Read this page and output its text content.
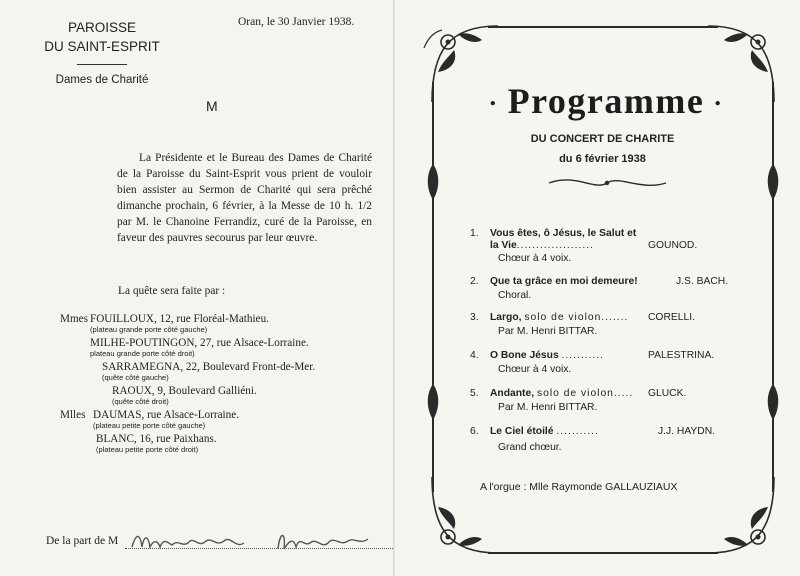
PAROISSE
DU SAINT-ESPRIT
Dames de Charité
Oran, le 30 Janvier 1938.
M
La Présidente et le Bureau des Dames de Charité de la Paroisse du Saint-Esprit vous prient de vouloir bien assister au Sermon de Charité qui sera prêché dimanche prochain, 6 février, à la Messe de 10 h. 1/2 par M. le Chanoine Ferrandiz, curé de la Paroisse, en faveur des pauvres secourus par leur œuvre.
La quête sera faite par :
Mmes FOUILLOUX, 12, rue Floréal-Mathieu.
(plateau grande porte côté gauche)
MILHE-POUTINGON, 27, rue Alsace-Lorraine.
plateau grande porte côté droit)
SARRAMEGNA, 22, Boulevard Front-de-Mer.
(quête côté gauche)
RAOUX, 9, Boulevard Galliéni.
(quête côté droit)
Mlles DAUMAS, rue Alsace-Lorraine.
(plateau petite porte côté gauche)
BLANC, 16, rue Paixhans.
(plateau petite porte côté droit)
De la part de M
• Programme •
DU CONCERT DE CHARITE
du 6 février 1938
1. Vous êtes, ô Jésus, le Salut et
la Vie....................	GOUNOD.
Chœur à 4 voix.
2. Que ta grâce en moi demeure!	J.S. BACH.
Choral.
3. Largo, solo de violon....... CORELLI.
Par M. Henri BITTAR.
4. O Bone Jésus ...........	PALESTRINA.
Chœur à 4 voix.
5. Andante, solo de violon..... GLUCK.
Par M. Henri BITTAR.
6. Le Ciel étoilé ...........	J.J. HAYDN.
Grand chœur.
A l'orgue : Mlle Raymonde GALLAUZIAUX
